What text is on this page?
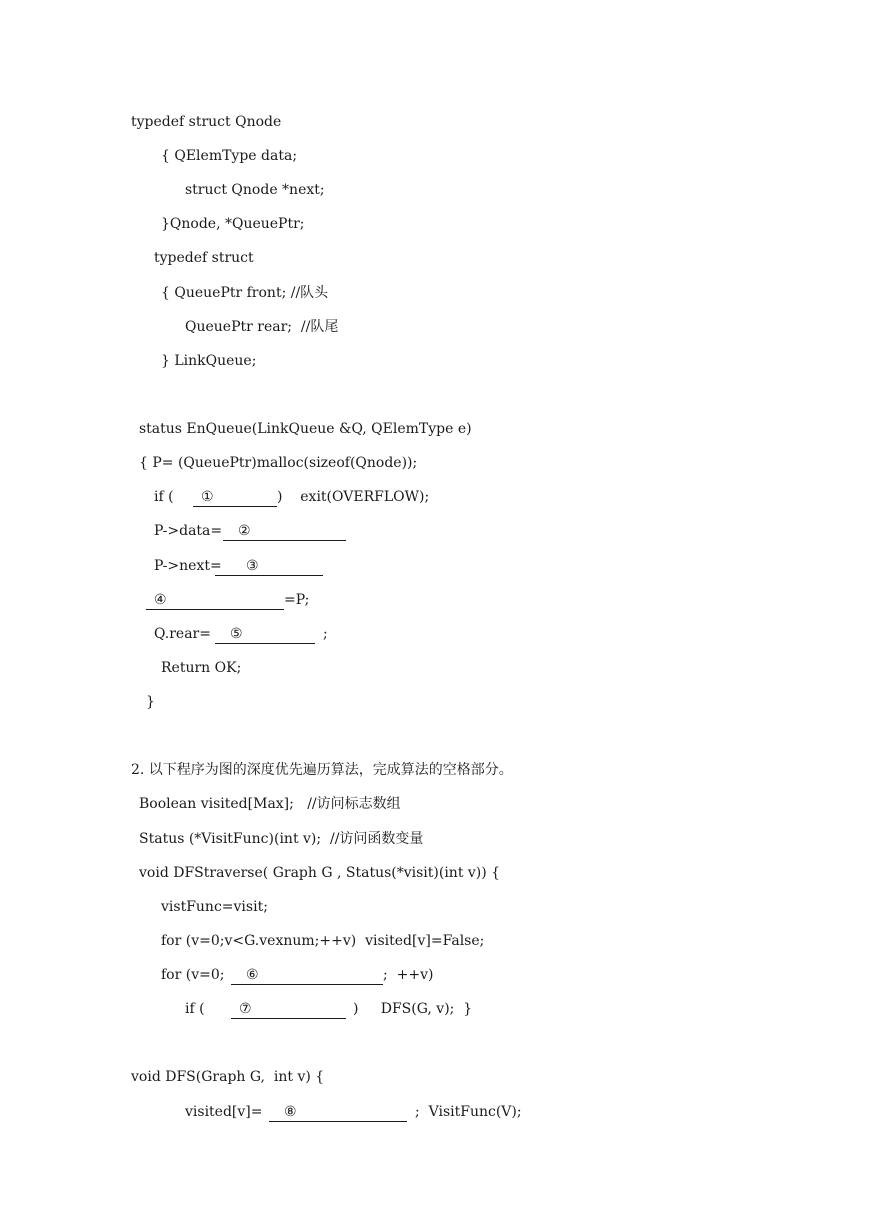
typedef struct Qnode
{ QElemType data;
struct Qnode *next;
}Qnode, *QueuePtr;
typedef struct
{ QueuePtr front; //队头
QueuePtr rear;  //队尾
} LinkQueue;
status EnQueue(LinkQueue &Q, QElemType e)
{ P= (QueuePtr)malloc(sizeof(Qnode));
if ( ①	)    exit(OVERFLOW);
P->data= ②
P->next= ③
④	=P;
Q.rear= ⑤	;
Return OK;
}
2. 以下程序为图的深度优先遍历算法，完成算法的空格部分。
Boolean visited[Max];   //访问标志数组
Status (*VisitFunc)(int v);  //访问函数变量
void DFStraverse( Graph G , Status(*visit)(int v)) {
vistFunc=visit;
for (v=0;v<G.vexnum;++v)  visited[v]=False;
for (v=0; ⑥	;  ++v)
if ( ⑦	)     DFS(G, v);  }
void DFS(Graph G,  int v) {
visited[v]= ⑧	;  VisitFunc(V);
